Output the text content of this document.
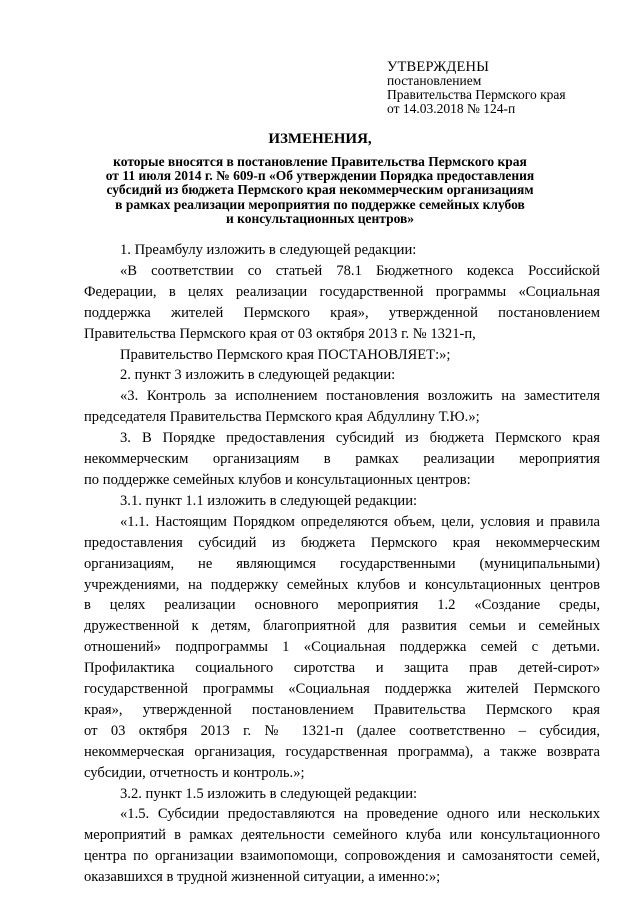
УТВЕРЖДЕНЫ
постановлением
Правительства Пермского края
от 14.03.2018 № 124-п
ИЗМЕНЕНИЯ,
которые вносятся в постановление Правительства Пермского края
от 11 июля 2014 г. № 609-п «Об утверждении Порядка предоставления
субсидий из бюджета Пермского края некоммерческим организациям
в рамках реализации мероприятия по поддержке семейных клубов
и консультационных центров»

1. Преамбулу изложить в следующей редакции:

«В соответствии со статьей 78.1 Бюджетного кодекса Российской
Федерации, в целях реализации государственной программы «Социальная
поддержка жителей Пермского края», утвержденной постановлением
Правительства Пермского края от 03 октября 2013 г. № 1321-п,

Правительство Пермского края ПОСТАНОВЛЯЕТ:»;

2. пункт 3 изложить в следующей редакции:

«3. Контроль за исполнением постановления возложить на заместителя
председателя Правительства Пермского края Абдуллину Т.Ю.»;

3. В Порядке предоставления субсидий из бюджета Пермского края
некоммерческим организациям в рамках реализации мероприятия
по поддержке семейных клубов и консультационных центров:

3.1. пункт 1.1 изложить в следующей редакции:

«1.1. Настоящим Порядком определяются объем, цели, условия и правила
предоставления субсидий из бюджета Пермского края некоммерческим
организациям, не являющимся государственными (муниципальными)
учреждениями, на поддержку семейных клубов и консультационных центров
в целях реализации основного мероприятия 1.2 «Создание среды,
дружественной к детям, благоприятной для развития семьи и семейных
отношений» подпрограммы 1 «Социальная поддержка семей с детьми.
Профилактика социального сиротства и защита прав детей-сирот»
государственной программы «Социальная поддержка жителей Пермского
края», утвержденной постановлением Правительства Пермского края
от 03 октября 2013 г. № 1321-п (далее соответственно – субсидия,
некоммерческая организация, государственная программа), а также возврата
субсидии, отчетность и контроль.»;

3.2. пункт 1.5 изложить в следующей редакции:

«1.5. Субсидии предоставляются на проведение одного или нескольких
мероприятий в рамках деятельности семейного клуба или консультационного
центра по организации взаимопомощи, сопровождения и самозанятости семей,
оказавшихся в трудной жизненной ситуации, а именно:»;
